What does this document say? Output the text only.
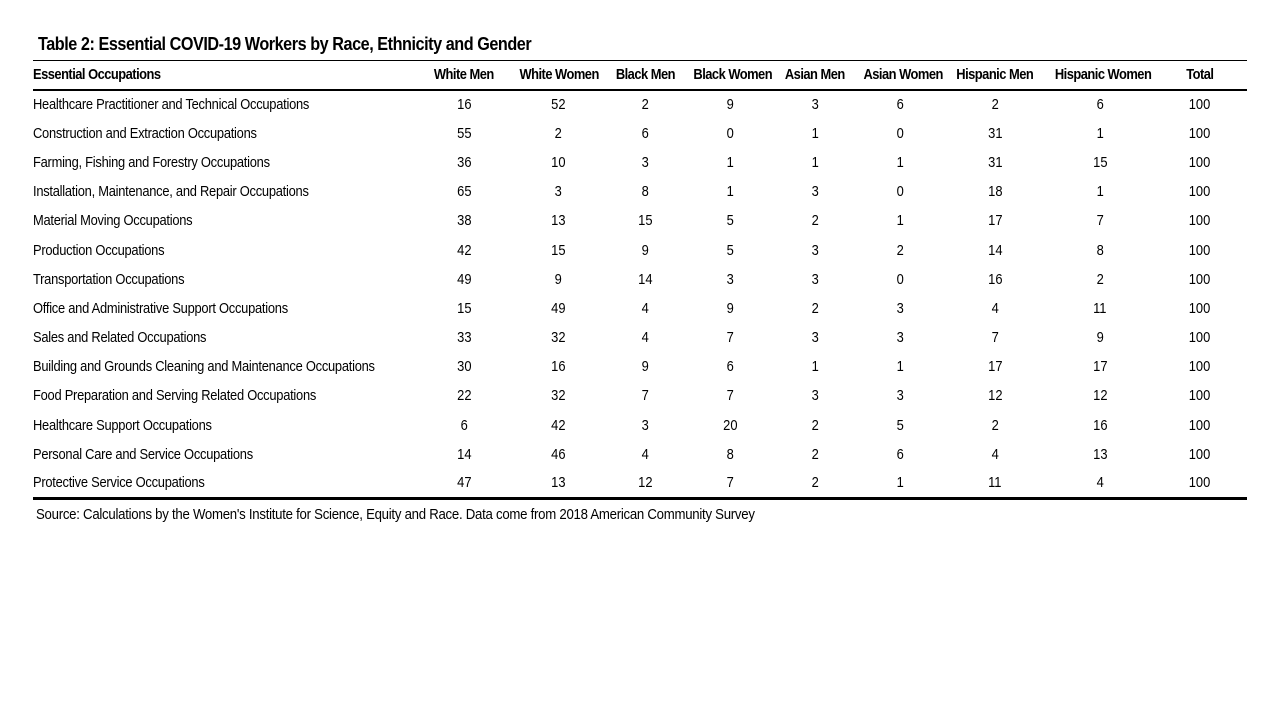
Table 2: Essential COVID-19 Workers by Race, Ethnicity and Gender
Essential Occupations	White Men	White Women	Black Men	Black Women	Asian Men	Asian Women	Hispanic Men	Hispanic Women	Total
Healthcare Practitioner and Technical Occupations	16	52	2	9	3	6	2	6	100
Construction and Extraction Occupations	55	2	6	0	1	0	31	1	100
Farming, Fishing and Forestry Occupations	36	10	3	1	1	1	31	15	100
Installation, Maintenance, and Repair Occupations	65	3	8	1	3	0	18	1	100
Material Moving Occupations	38	13	15	5	2	1	17	7	100
Production Occupations	42	15	9	5	3	2	14	8	100
Transportation Occupations	49	9	14	3	3	0	16	2	100
Office and Administrative Support Occupations	15	49	4	9	2	3	4	11	100
Sales and Related Occupations	33	32	4	7	3	3	7	9	100
Building and Grounds Cleaning and Maintenance Occupations	30	16	9	6	1	1	17	17	100
Food Preparation and Serving Related Occupations	22	32	7	7	3	3	12	12	100
Healthcare Support Occupations	6	42	3	20	2	5	2	16	100
Personal Care and Service Occupations	14	46	4	8	2	6	4	13	100
Protective Service Occupations	47	13	12	7	2	1	11	4	100
Source: Calculations by the Women's Institute for Science, Equity and Race. Data come from 2018 American Community Survey
